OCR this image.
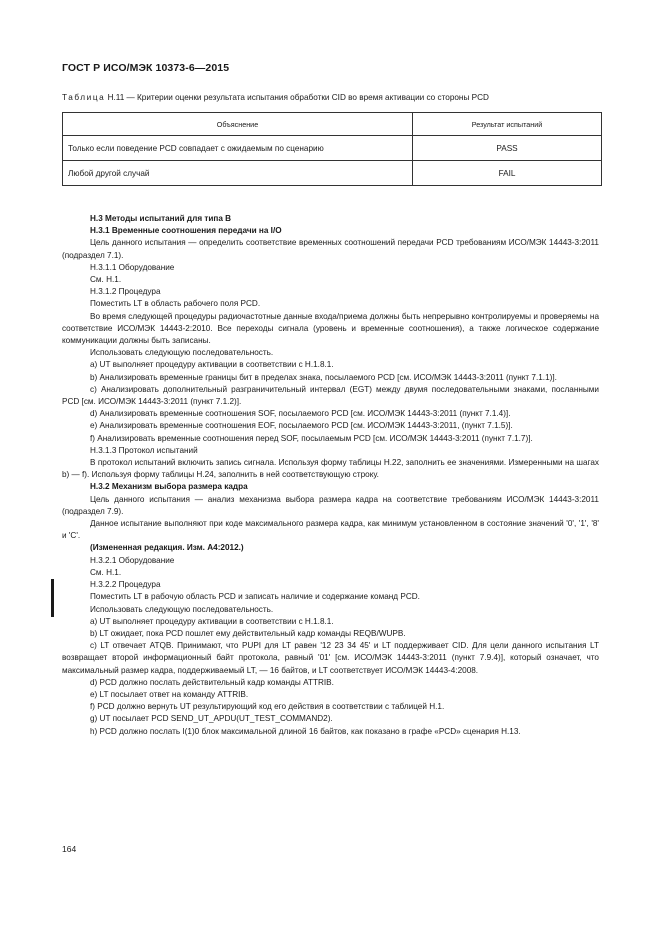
ГОСТ Р ИСО/МЭК 10373-6—2015
Таблица H.11 — Критерии оценки результата испытания обработки CID во время активации со стороны PCD
Объяснение	Результат испытаний
Только если поведение PCD совпадает с ожидаемым по сценарию	PASS
Любой другой случай	FAIL

H.3 Методы испытаний для типа B

H.3.1 Временные соотношения передачи на I/O

Цель данного испытания — определить соответствие временных соотношений передачи PCD требованиям ИСО/МЭК 14443-3:2011 (подраздел 7.1).

H.3.1.1 Оборудование

См. H.1.

H.3.1.2 Процедура

Поместить LT в область рабочего поля PCD.

Во время следующей процедуры радиочастотные данные входа/приема должны быть непрерывно контролируемы и проверяемы на соответствие ИСО/МЭК 14443-2:2010. Все переходы сигнала (уровень и временные соотношения), а также логическое содержание коммуникации должны быть записаны.

Использовать следующую последовательность.

a) UT выполняет процедуру активации в соответствии с H.1.8.1.

b) Анализировать временные границы бит в пределах знака, посылаемого PCD [см. ИСО/МЭК 14443-3:2011 (пункт 7.1.1)].

c) Анализировать дополнительный разграничительный интервал (EGT) между двумя последовательными знаками, посланными PCD [см. ИСО/МЭК 14443-3:2011 (пункт 7.1.2)].

d) Анализировать временные соотношения SOF, посылаемого PCD [см. ИСО/МЭК 14443-3:2011 (пункт 7.1.4)].

e) Анализировать временные соотношения EOF, посылаемого PCD [см. ИСО/МЭК 14443-3:2011, (пункт 7.1.5)].

f) Анализировать временные соотношения перед SOF, посылаемым PCD [см. ИСО/МЭК 14443-3:2011 (пункт 7.1.7)].

H.3.1.3 Протокол испытаний

В протокол испытаний включить запись сигнала. Используя форму таблицы H.22, заполнить ее значениями. Измеренными на шагах b) — f). Используя форму таблицы H.24, заполнить в ней соответствующую строку.

H.3.2 Механизм выбора размера кадра

Цель данного испытания — анализ механизма выбора размера кадра на соответствие требованиям ИСО/МЭК 14443-3:2011 (подраздел 7.9).

Данное испытание выполняют при коде максимального размера кадра, как минимум установленном в состояние значений '0', '1', '8' и 'C'.

(Измененная редакция. Изм. А4:2012.)

H.3.2.1 Оборудование

См. H.1.

H.3.2.2 Процедура

Поместить LT в рабочую область PCD и записать наличие и содержание команд PCD.

Использовать следующую последовательность.

a) UT выполняет процедуру активации в соответствии с H.1.8.1.

b) LT ожидает, пока PCD пошлет ему действительный кадр команды REQB/WUPB.

c) LT отвечает ATQB. Принимают, что PUPI для LT равен '12 23 34 45' и LT поддерживает CID. Для цели данного испытания LT возвращает второй информационный байт протокола, равный '01' [см. ИСО/МЭК 14443-3:2011 (пункт 7.9.4)], который означает, что максимальный размер кадра, поддерживаемый LT, — 16 байтов, и LT соответствует ИСО/МЭК 14443-4:2008.

d) PCD должно послать действительный кадр команды ATTRIB.

e) LT посылает ответ на команду ATTRIB.

f) PCD должно вернуть UT результирующий код его действия в соответствии с таблицей H.1.

g) UT посылает PCD SEND_UT_APDU(UT_TEST_COMMAND2).

h) PCD должно послать I(1)0 блок максимальной длиной 16 байтов, как показано в графе «PCD» сценария H.13.

164
